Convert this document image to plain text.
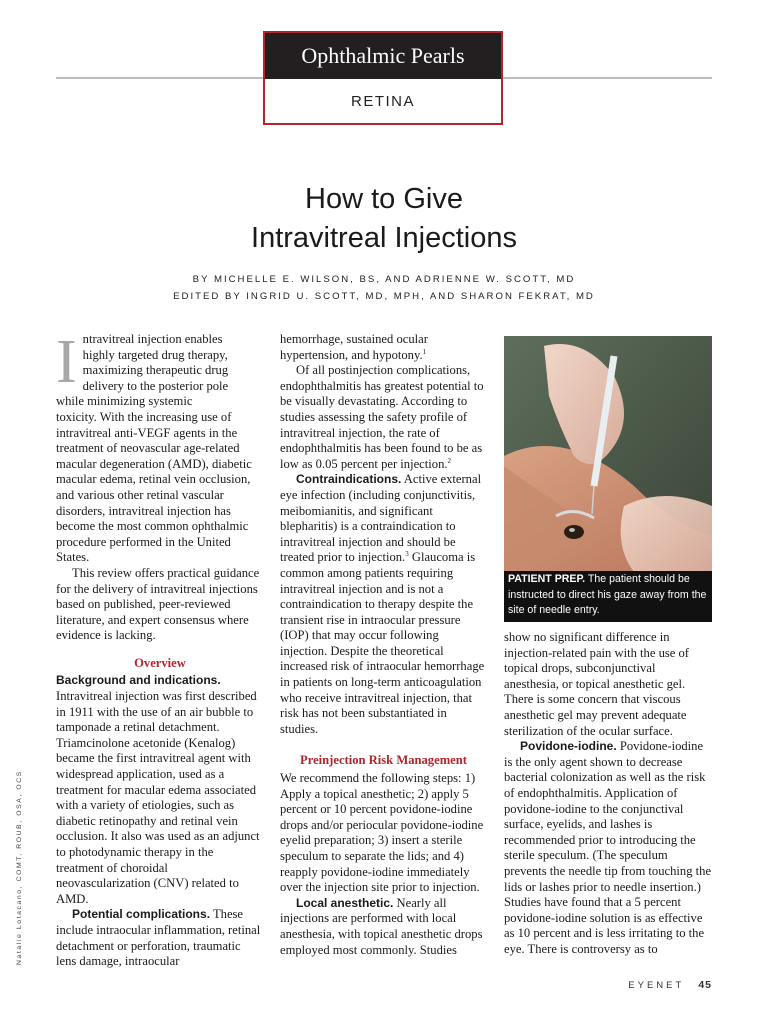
Ophthalmic Pearls
RETINA
How to Give
Intravitreal Injections
BY MICHELLE E. WILSON, BS, AND ADRIENNE W. SCOTT, MD
EDITED BY INGRID U. SCOTT, MD, MPH, AND SHARON FEKRAT, MD

I ntravitreal injection enables
highly targeted drug therapy,
maximizing therapeutic drug
delivery to the posterior pole
while minimizing systemic
toxicity. With the increasing use of intravitreal anti-VEGF agents in the treatment of neovascular age-related macular degeneration (AMD), diabetic macular edema, retinal vein occlusion, and various other retinal vascular disorders, intravitreal injection has become the most common ophthalmic procedure performed in the United States.

This review offers practical guidance for the delivery of intravitreal injections based on published, peer-reviewed literature, and expert consensus where evidence is lacking.

Overview

Background and indications. Intravitreal injection was first described in 1911 with the use of an air bubble to tamponade a retinal detachment. Triamcinolone acetonide (Kenalog) became the first intravitreal agent with widespread application, used as a treatment for macular edema associated with a variety of etiologies, such as diabetic retinopathy and retinal vein occlusion. It also was used as an adjunct to photodynamic therapy in the treatment of choroidal neovascularization (CNV) related to AMD.

Potential complications. These include intraocular inflammation, retinal detachment or perforation, traumatic lens damage, intraocular

hemorrhage, sustained ocular hypertension, and hypotony.$^1$

Of all postinjection complications, endophthalmitis has greatest potential to be visually devastating. According to studies assessing the safety profile of intravitreal injection, the rate of endophthalmitis has been found to be as low as 0.05 percent per injection.$^2$

Contraindications. Active external eye infection (including conjunctivitis, meibomianitis, and significant blepharitis) is a contraindication to intravitreal injection and should be treated prior to injection.$^3$ Glaucoma is common among patients requiring intravitreal injection and is not a contraindication to therapy despite the transient rise in intraocular pressure (IOP) that may occur following injection. Despite the theoretical increased risk of intraocular hemorrhage in patients on long-term anticoagulation who receive intravitreal injection, that risk has not been substantiated in studies.

Preinjection Risk Management

We recommend the following steps: 1) Apply a topical anesthetic; 2) apply 5 percent or 10 percent povidone-iodine drops and/or periocular povidone-iodine eyelid preparation; 3) insert a sterile speculum to separate the lids; and 4) reapply povidone-iodine immediately over the injection site prior to injection.

Local anesthetic. Nearly all injections are performed with local anesthesia, with topical anesthetic drops employed most commonly. Studies

PATIENT PREP. The patient should be instructed to direct his gaze away from the site of needle entry.

show no significant difference in injection-related pain with the use of topical drops, subconjunctival anesthesia, or topical anesthetic gel. There is some concern that viscous anesthetic gel may prevent adequate sterilization of the ocular surface.

Povidone-iodine. Povidone-iodine is the only agent shown to decrease bacterial colonization as well as the risk of endophthalmitis. Application of povidone-iodine to the conjunctival surface, eyelids, and lashes is recommended prior to introducing the sterile speculum. (The speculum prevents the needle tip from touching the lids or lashes prior to needle insertion.) Studies have found that a 5 percent povidone-iodine solution is as effective as 10 percent and is less irritating to the eye. There is controversy as to

Natalie Lotacano, COMT, ROUB, OSA, OCS
EYENET 45
